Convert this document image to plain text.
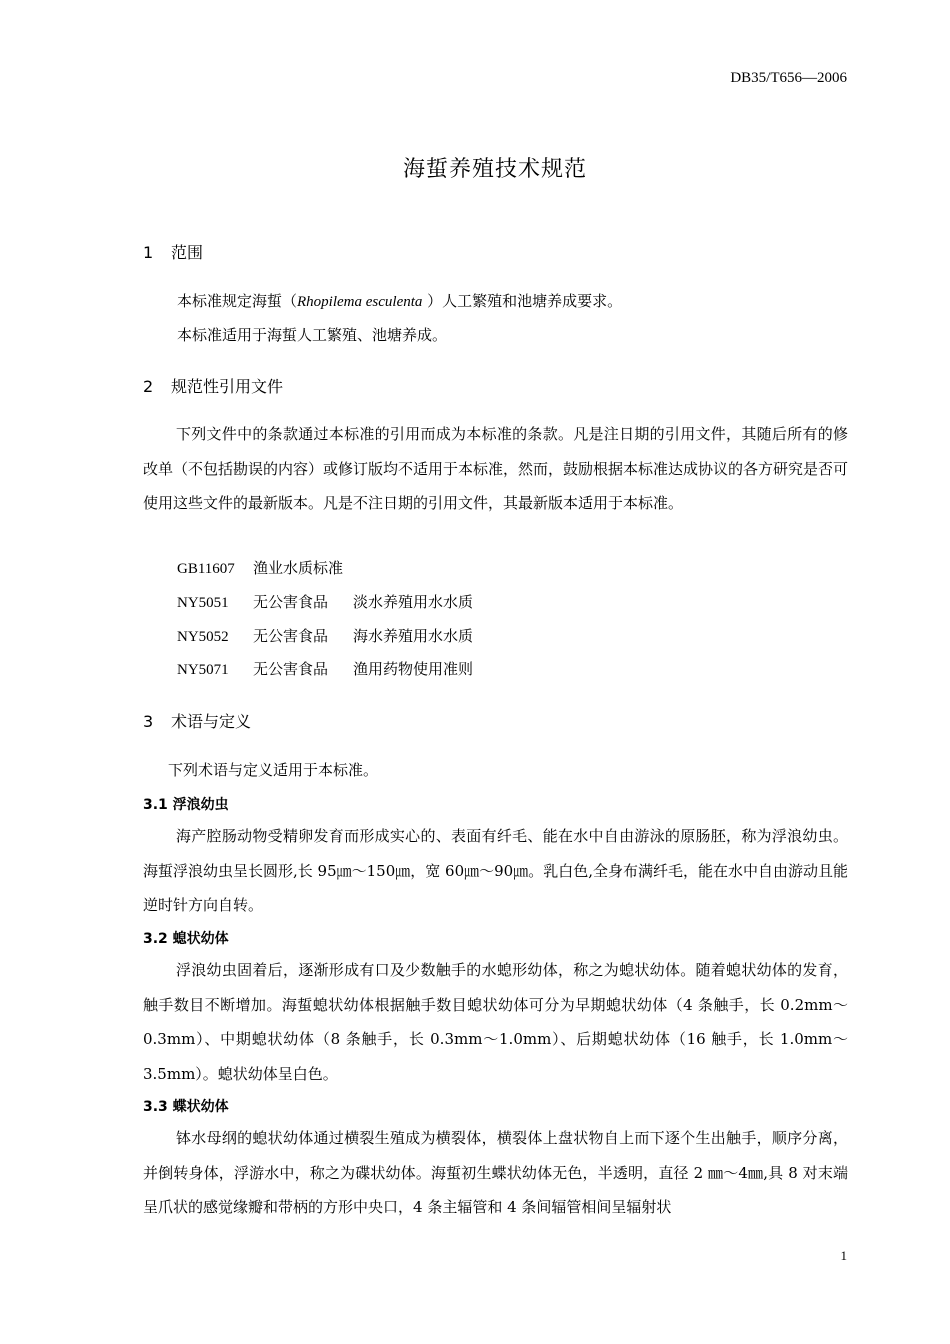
DB35/T656—2006
海蜇养殖技术规范
1 范围
本标准规定海蜇（Rhopilema esculenta ）人工繁殖和池塘养成要求。
本标准适用于海蜇人工繁殖、池塘养成。
2 规范性引用文件
下列文件中的条款通过本标准的引用而成为本标准的条款。凡是注日期的引用文件，其随后所有的修改单（不包括勘误的内容）或修订版均不适用于本标准，然而，鼓励根据本标准达成协议的各方研究是否可使用这些文件的最新版本。凡是不注日期的引用文件，其最新版本适用于本标准。
GB11607 渔业水质标准
NY5051 无公害食品 淡水养殖用水水质
NY5052 无公害食品 海水养殖用水水质
NY5071 无公害食品 渔用药物使用准则
3 术语与定义
下列术语与定义适用于本标准。
3.1 浮浪幼虫
海产腔肠动物受精卵发育而形成实心的、表面有纤毛、能在水中自由游泳的原肠胚，称为浮浪幼虫。海蜇浮浪幼虫呈长圆形,长 95㎛～150㎛，宽 60㎛～90㎛。乳白色,全身布满纤毛，能在水中自由游动且能逆时针方向自转。
3.2 螅状幼体
浮浪幼虫固着后，逐渐形成有口及少数触手的水螅形幼体，称之为螅状幼体。随着螅状幼体的发育，触手数目不断增加。海蜇螅状幼体根据触手数目螅状幼体可分为早期螅状幼体（4 条触手，长 0.2mm～0.3mm）、中期螅状幼体（8 条触手，长 0.3mm～1.0mm）、后期螅状幼体（16 触手，长 1.0mm～3.5mm）。螅状幼体呈白色。
3.3 蝶状幼体
钵水母纲的螅状幼体通过横裂生殖成为横裂体，横裂体上盘状物自上而下逐个生出触手，顺序分离，并倒转身体，浮游水中，称之为碟状幼体。海蜇初生蝶状幼体无色，半透明，直径 2 ㎜～4㎜,具 8 对末端呈爪状的感觉缘瓣和带柄的方形中央口，4 条主辐管和 4 条间辐管相间呈辐射状
1
